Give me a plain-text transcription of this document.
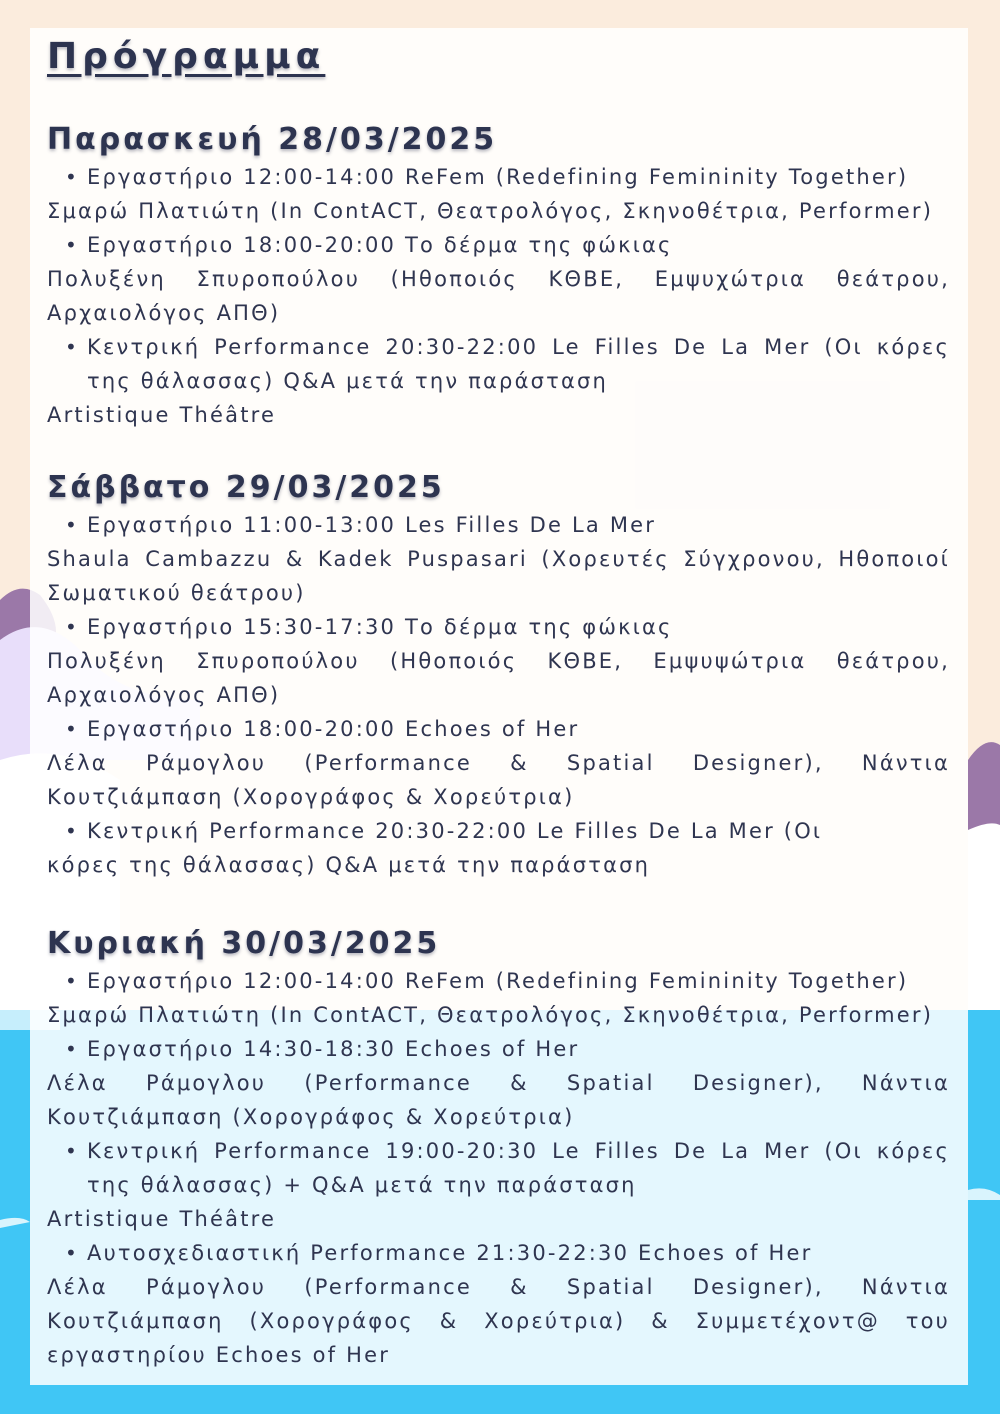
Πρόγραμμα
Παρασκευή 28/03/2025
• Εργαστήριο 12:00-14:00 ReFem (Redefining Femininity Together)
Σμαρώ Πλατιώτη (In ContACT, Θεατρολόγος, Σκηνοθέτρια, Performer)
• Εργαστήριο 18:00-20:00 Το δέρμα της φώκιας
Πολυξένη Σπυροπούλου (Ηθοποιός ΚΘΒΕ, Εμψυχώτρια θεάτρου, Αρχαιολόγος ΑΠΘ)
• Κεντρική Performance 20:30-22:00 Le Filles De La Mer (Οι κόρες της θάλασσας) Q&A μετά την παράσταση
Artistique Théâtre
Σάββατο 29/03/2025
• Εργαστήριο 11:00-13:00 Les Filles De La Mer
Shaula Cambazzu & Kadek Puspasari (Χορευτές Σύγχρονου, Ηθοποιοί Σωματικού θεάτρου)
• Εργαστήριο 15:30-17:30 Το δέρμα της φώκιας
Πολυξένη Σπυροπούλου (Ηθοποιός ΚΘΒΕ, Εμψυψώτρια θεάτρου, Αρχαιολόγος ΑΠΘ)
• Εργαστήριο 18:00-20:00 Echoes of Her
Λέλα Ράμογλου (Performance & Spatial Designer), Νάντια Κουτζιάμπαση (Χορογράφος & Χορεύτρια)
• Κεντρική Performance 20:30-22:00 Le Filles De La Mer (Οι
κόρες της θάλασσας) Q&A μετά την παράσταση
Κυριακή 30/03/2025
• Εργαστήριο 12:00-14:00 ReFem (Redefining Femininity Together)
Σμαρώ Πλατιώτη (In ContACT, Θεατρολόγος, Σκηνοθέτρια, Performer)
• Εργαστήριο 14:30-18:30 Echoes of Her
Λέλα Ράμογλου (Performance & Spatial Designer), Νάντια Κουτζιάμπαση (Χορογράφος & Χορεύτρια)
• Κεντρική Performance 19:00-20:30 Le Filles De La Mer (Οι κόρες της θάλασσας) + Q&A μετά την παράσταση
Artistique Théâtre
• Αυτοσχεδιαστική Performance 21:30-22:30 Echoes of Her
Λέλα Ράμογλου (Performance & Spatial Designer), Νάντια Κουτζιάμπαση (Χορογράφος & Χορεύτρια) & Συμμετέχοντ@ του εργαστηρίου Echoes of Her
